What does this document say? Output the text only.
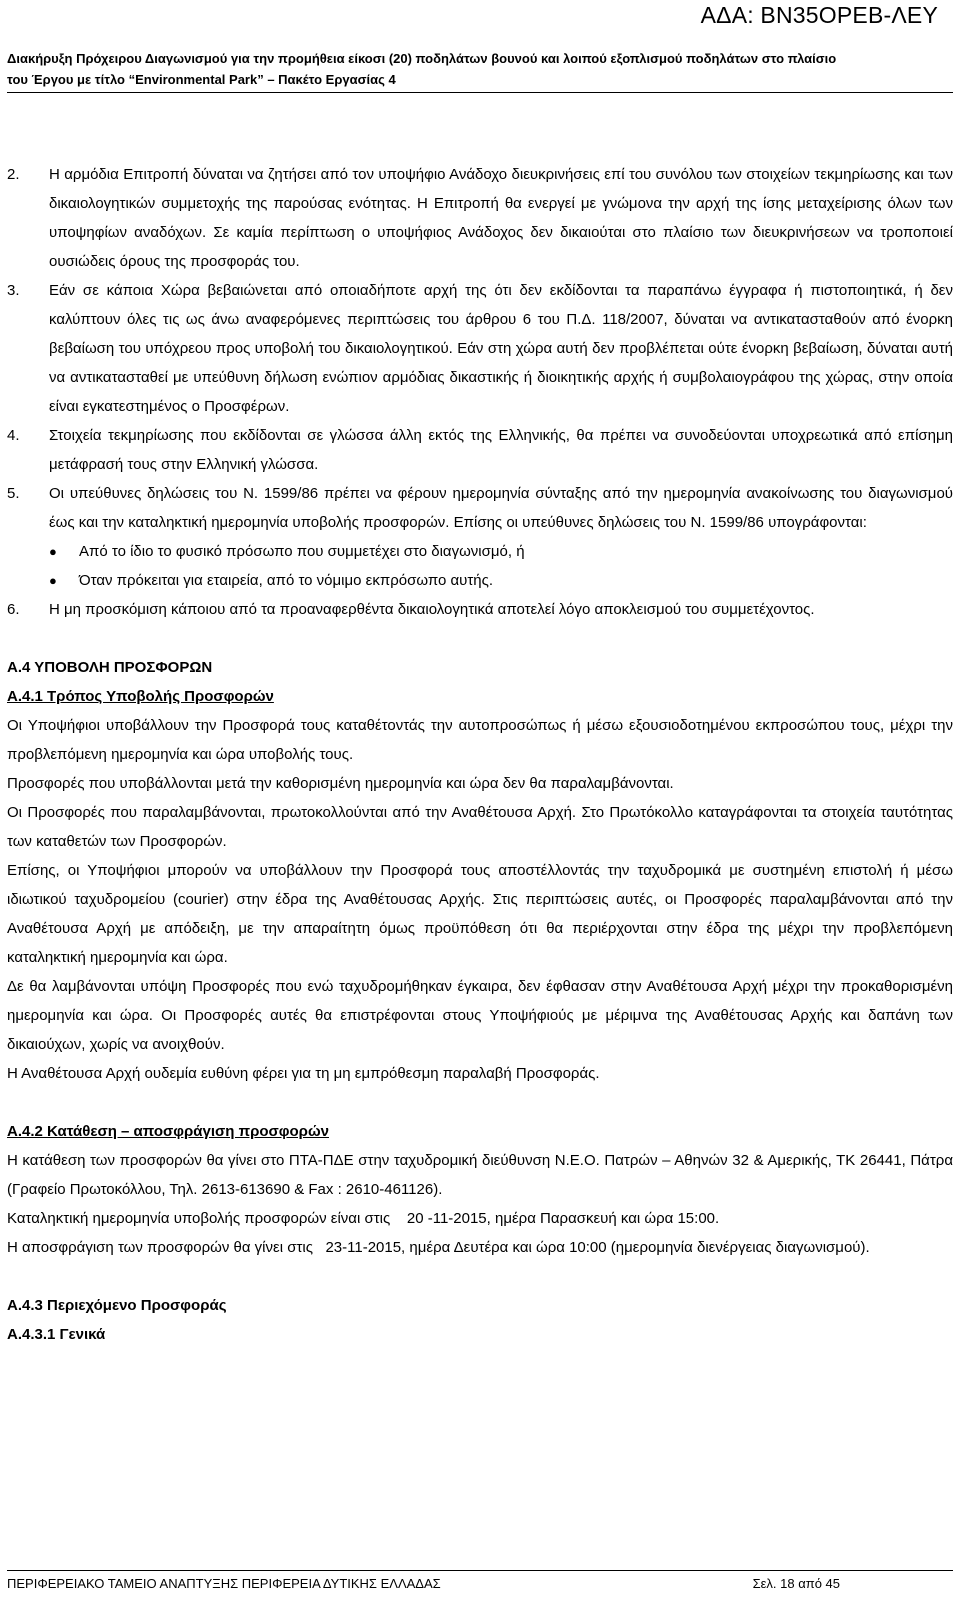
ΑΔΑ: ΒΝ35ΟΡΕΒ-ΛΕΥ
Διακήρυξη Πρόχειρου Διαγωνισμού για την προμήθεια είκοσι (20) ποδηλάτων βουνού και λοιπού εξοπλισμού ποδηλάτων στο πλαίσιο
του Έργου με τίτλο “Environmental Park” – Πακέτο Εργασίας 4
2.	Η αρμόδια Επιτροπή δύναται να ζητήσει από τον υποψήφιο Ανάδοχο διευκρινήσεις επί του συνόλου των στοιχείων τεκμηρίωσης και των δικαιολογητικών συμμετοχής της παρούσας ενότητας. Η Επιτροπή θα ενεργεί με γνώμονα την αρχή της ίσης μεταχείρισης όλων των υποψηφίων αναδόχων. Σε καμία περίπτωση ο υποψήφιος Ανάδοχος δεν δικαιούται στο πλαίσιο των διευκρινήσεων να τροποποιεί ουσιώδεις όρους της προσφοράς του.
3.	Εάν σε κάποια Χώρα βεβαιώνεται από οποιαδήποτε αρχή της ότι δεν εκδίδονται τα παραπάνω έγγραφα ή πιστοποιητικά, ή δεν καλύπτουν όλες τις ως άνω αναφερόμενες περιπτώσεις του άρθρου 6 του Π.Δ. 118/2007, δύναται να αντικατασταθούν από ένορκη βεβαίωση του υπόχρεου προς υποβολή του δικαιολογητικού. Εάν στη χώρα αυτή δεν προβλέπεται ούτε ένορκη βεβαίωση, δύναται αυτή να αντικατασταθεί με υπεύθυνη δήλωση ενώπιον αρμόδιας δικαστικής ή διοικητικής αρχής ή συμβολαιογράφου της χώρας, στην οποία είναι εγκατεστημένος ο Προσφέρων.
4.	Στοιχεία τεκμηρίωσης που εκδίδονται σε γλώσσα άλλη εκτός της Ελληνικής, θα πρέπει να συνοδεύονται υποχρεωτικά από επίσημη μετάφρασή τους στην Ελληνική γλώσσα.
5.	Οι υπεύθυνες δηλώσεις του Ν. 1599/86 πρέπει να φέρουν ημερομηνία σύνταξης από την ημερομηνία ανακοίνωσης του διαγωνισμού έως και την καταληκτική ημερομηνία υποβολής προσφορών. Επίσης οι υπεύθυνες δηλώσεις του Ν. 1599/86 υπογράφονται:
●	Από το ίδιο το φυσικό πρόσωπο που συμμετέχει στο διαγωνισμό, ή
●	Όταν πρόκειται για εταιρεία, από το νόμιμο εκπρόσωπο αυτής.
6.	Η μη προσκόμιση κάποιου από τα προαναφερθέντα δικαιολογητικά αποτελεί λόγο αποκλεισμού του συμμετέχοντος.
Α.4 ΥΠΟΒΟΛΗ ΠΡΟΣΦΟΡΩΝ
Α.4.1 Τρόπος Υποβολής Προσφορών
Οι Υποψήφιοι υποβάλλουν την Προσφορά τους καταθέτοντάς την αυτοπροσώπως ή μέσω εξουσιοδοτημένου εκπροσώπου τους, μέχρι την προβλεπόμενη ημερομηνία και ώρα υποβολής τους.
Προσφορές που υποβάλλονται μετά την καθορισμένη ημερομηνία και ώρα δεν θα παραλαμβάνονται.
Οι Προσφορές που παραλαμβάνονται, πρωτοκολλούνται από την Αναθέτουσα Αρχή. Στο Πρωτόκολλο καταγράφονται τα στοιχεία ταυτότητας των καταθετών των Προσφορών.
Επίσης, οι Υποψήφιοι μπορούν να υποβάλλουν την Προσφορά τους αποστέλλοντάς την ταχυδρομικά με συστημένη επιστολή ή μέσω ιδιωτικού ταχυδρομείου (courier) στην έδρα της Αναθέτουσας Αρχής. Στις περιπτώσεις αυτές, οι Προσφορές παραλαμβάνονται από την Αναθέτουσα Αρχή με απόδειξη, με την απαραίτητη όμως προϋπόθεση ότι θα περιέρχονται στην έδρα της μέχρι την προβλεπόμενη καταληκτική ημερομηνία και ώρα.
Δε θα λαμβάνονται υπόψη Προσφορές που ενώ ταχυδρομήθηκαν έγκαιρα, δεν έφθασαν στην Αναθέτουσα Αρχή μέχρι την προκαθορισμένη ημερομηνία και ώρα. Οι Προσφορές αυτές θα επιστρέφονται στους Υποψήφιούς με μέριμνα της Αναθέτουσας Αρχής και δαπάνη των δικαιούχων, χωρίς να ανοιχθούν.
Η Αναθέτουσα Αρχή ουδεμία ευθύνη φέρει για τη μη εμπρόθεσμη παραλαβή Προσφοράς.
Α.4.2 Κατάθεση – αποσφράγιση προσφορών
Η κατάθεση των προσφορών θα γίνει στο ΠΤΑ-ΠΔΕ στην ταχυδρομική διεύθυνση Ν.Ε.Ο. Πατρών – Αθηνών 32 & Αμερικής, ΤΚ 26441, Πάτρα (Γραφείο Πρωτοκόλλου, Τηλ. 2613-613690 & Fax : 2610-461126).
Καταληκτική ημερομηνία υποβολής προσφορών είναι στις    20 -11-2015, ημέρα Παρασκευή και ώρα 15:00.
Η αποσφράγιση των προσφορών θα γίνει στις   23-11-2015, ημέρα Δευτέρα και ώρα 10:00 (ημερομηνία διενέργειας διαγωνισμού).
Α.4.3 Περιεχόμενο Προσφοράς
Α.4.3.1 Γενικά
ΠΕΡΙΦΕΡΕΙΑΚΟ ΤΑΜΕΙΟ ΑΝΑΠΤΥΞΗΣ ΠΕΡΙΦΕΡΕΙΑ ΔΥΤΙΚΗΣ ΕΛΛΑΔΑΣ	Σελ. 18 από 45
